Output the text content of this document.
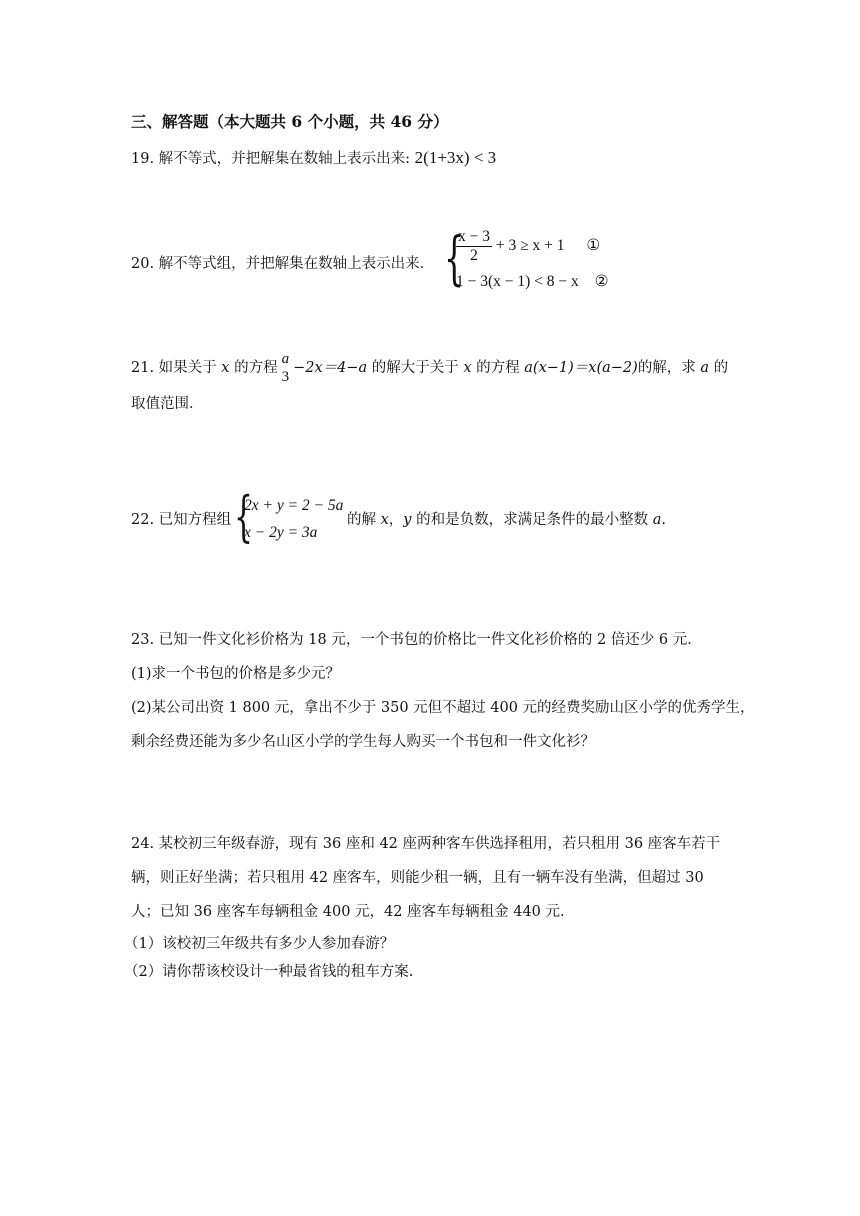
三、解答题（本大题共 6 个小题，共 46 分）
19. 解不等式，并把解集在数轴上表示出来: 2(1+3x) < 3
20. 解不等式组，并把解集在数轴上表示出来． {
$\frac{x - 3}{2} + 3 \ge x + 1$ ①
1 − 3(x − 1) < 8 − x ②
21. 如果关于 x 的方程
a
3
−2x＝4−a 的解大于关于 x 的方程 a(x−1)＝x(a−2)的解，求 a 的
取值范围．
22. 已知方程组 {
2x + y = 2 − 5a
x − 2y = 3a
的解 x，y 的和是负数，求满足条件的最小整数 a.
23. 已知一件文化衫价格为 18 元，一个书包的价格比一件文化衫价格的 2 倍还少 6 元．
(1)求一个书包的价格是多少元？
(2)某公司出资 1 800 元，拿出不少于 350 元但不超过 400 元的经费奖励山区小学的优秀学生，
剩余经费还能为多少名山区小学的学生每人购买一个书包和一件文化衫？
24. 某校初三年级春游，现有 36 座和 42 座两种客车供选择租用，若只租用 36 座客车若干
辆，则正好坐满；若只租用 42 座客车，则能少租一辆，且有一辆车没有坐满，但超过 30
人；已知 36 座客车每辆租金 400 元，42 座客车每辆租金 440 元.
（1）该校初三年级共有多少人参加春游？
（2）请你帮该校设计一种最省钱的租车方案.
